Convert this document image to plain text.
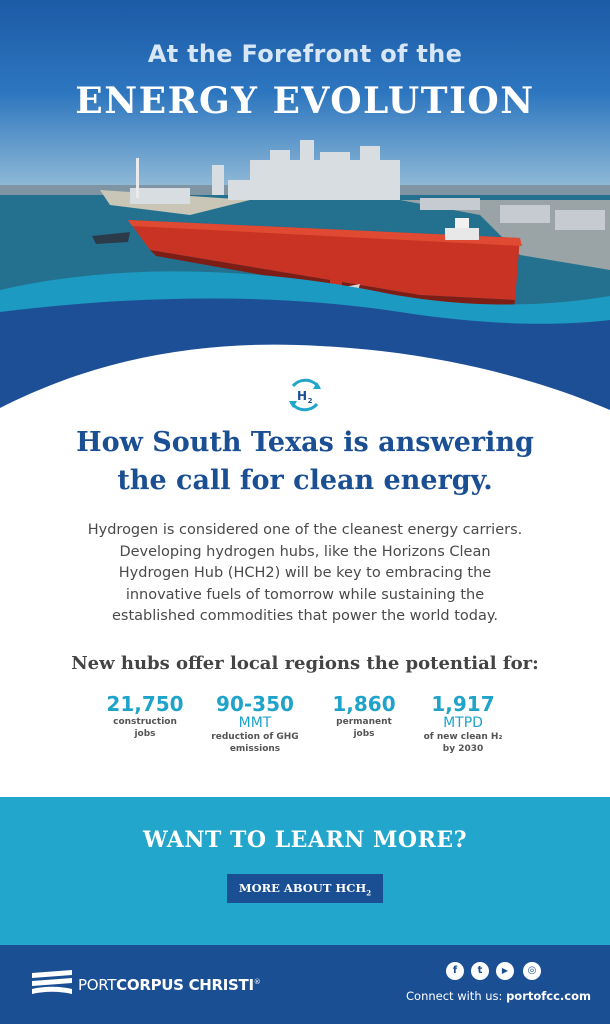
At the Forefront of the
ENERGY EVOLUTION
H 2
How South Texas is answering
the call for clean energy.

Hydrogen is considered one of the cleanest energy carriers.
Developing hydrogen hubs, like the Horizons Clean
Hydrogen Hub (HCH2) will be key to embracing the
innovative fuels of tomorrow while sustaining the
established commodities that power the world today.

New hubs offer local regions the potential for:
21,750
construction
jobs
90-350
MMT
reduction of GHG
emissions
1,860
permanent
jobs
1,917
MTPD
of new clean H₂
by 2030
WANT TO LEARN MORE?
MORE ABOUT $HCH_2$
PORTCORPUS CHRISTI®
f	t	▶	◎
Connect with us: portofcc.com
